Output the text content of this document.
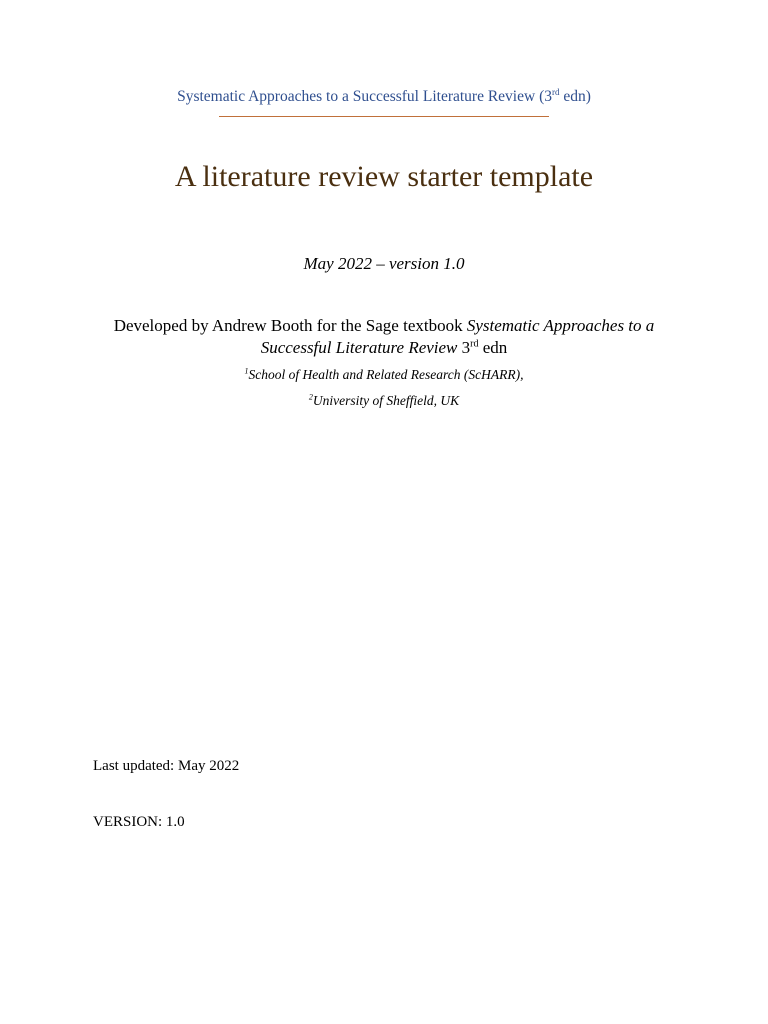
Systematic Approaches to a Successful Literature Review (3rd edn)
A literature review starter template
May 2022 – version 1.0
Developed by Andrew Booth for the Sage textbook Systematic Approaches to a Successful Literature Review 3rd edn
$^1$School of Health and Related Research (ScHARR),
$^2$University of Sheffield, UK
Last updated: May 2022
VERSION: 1.0
